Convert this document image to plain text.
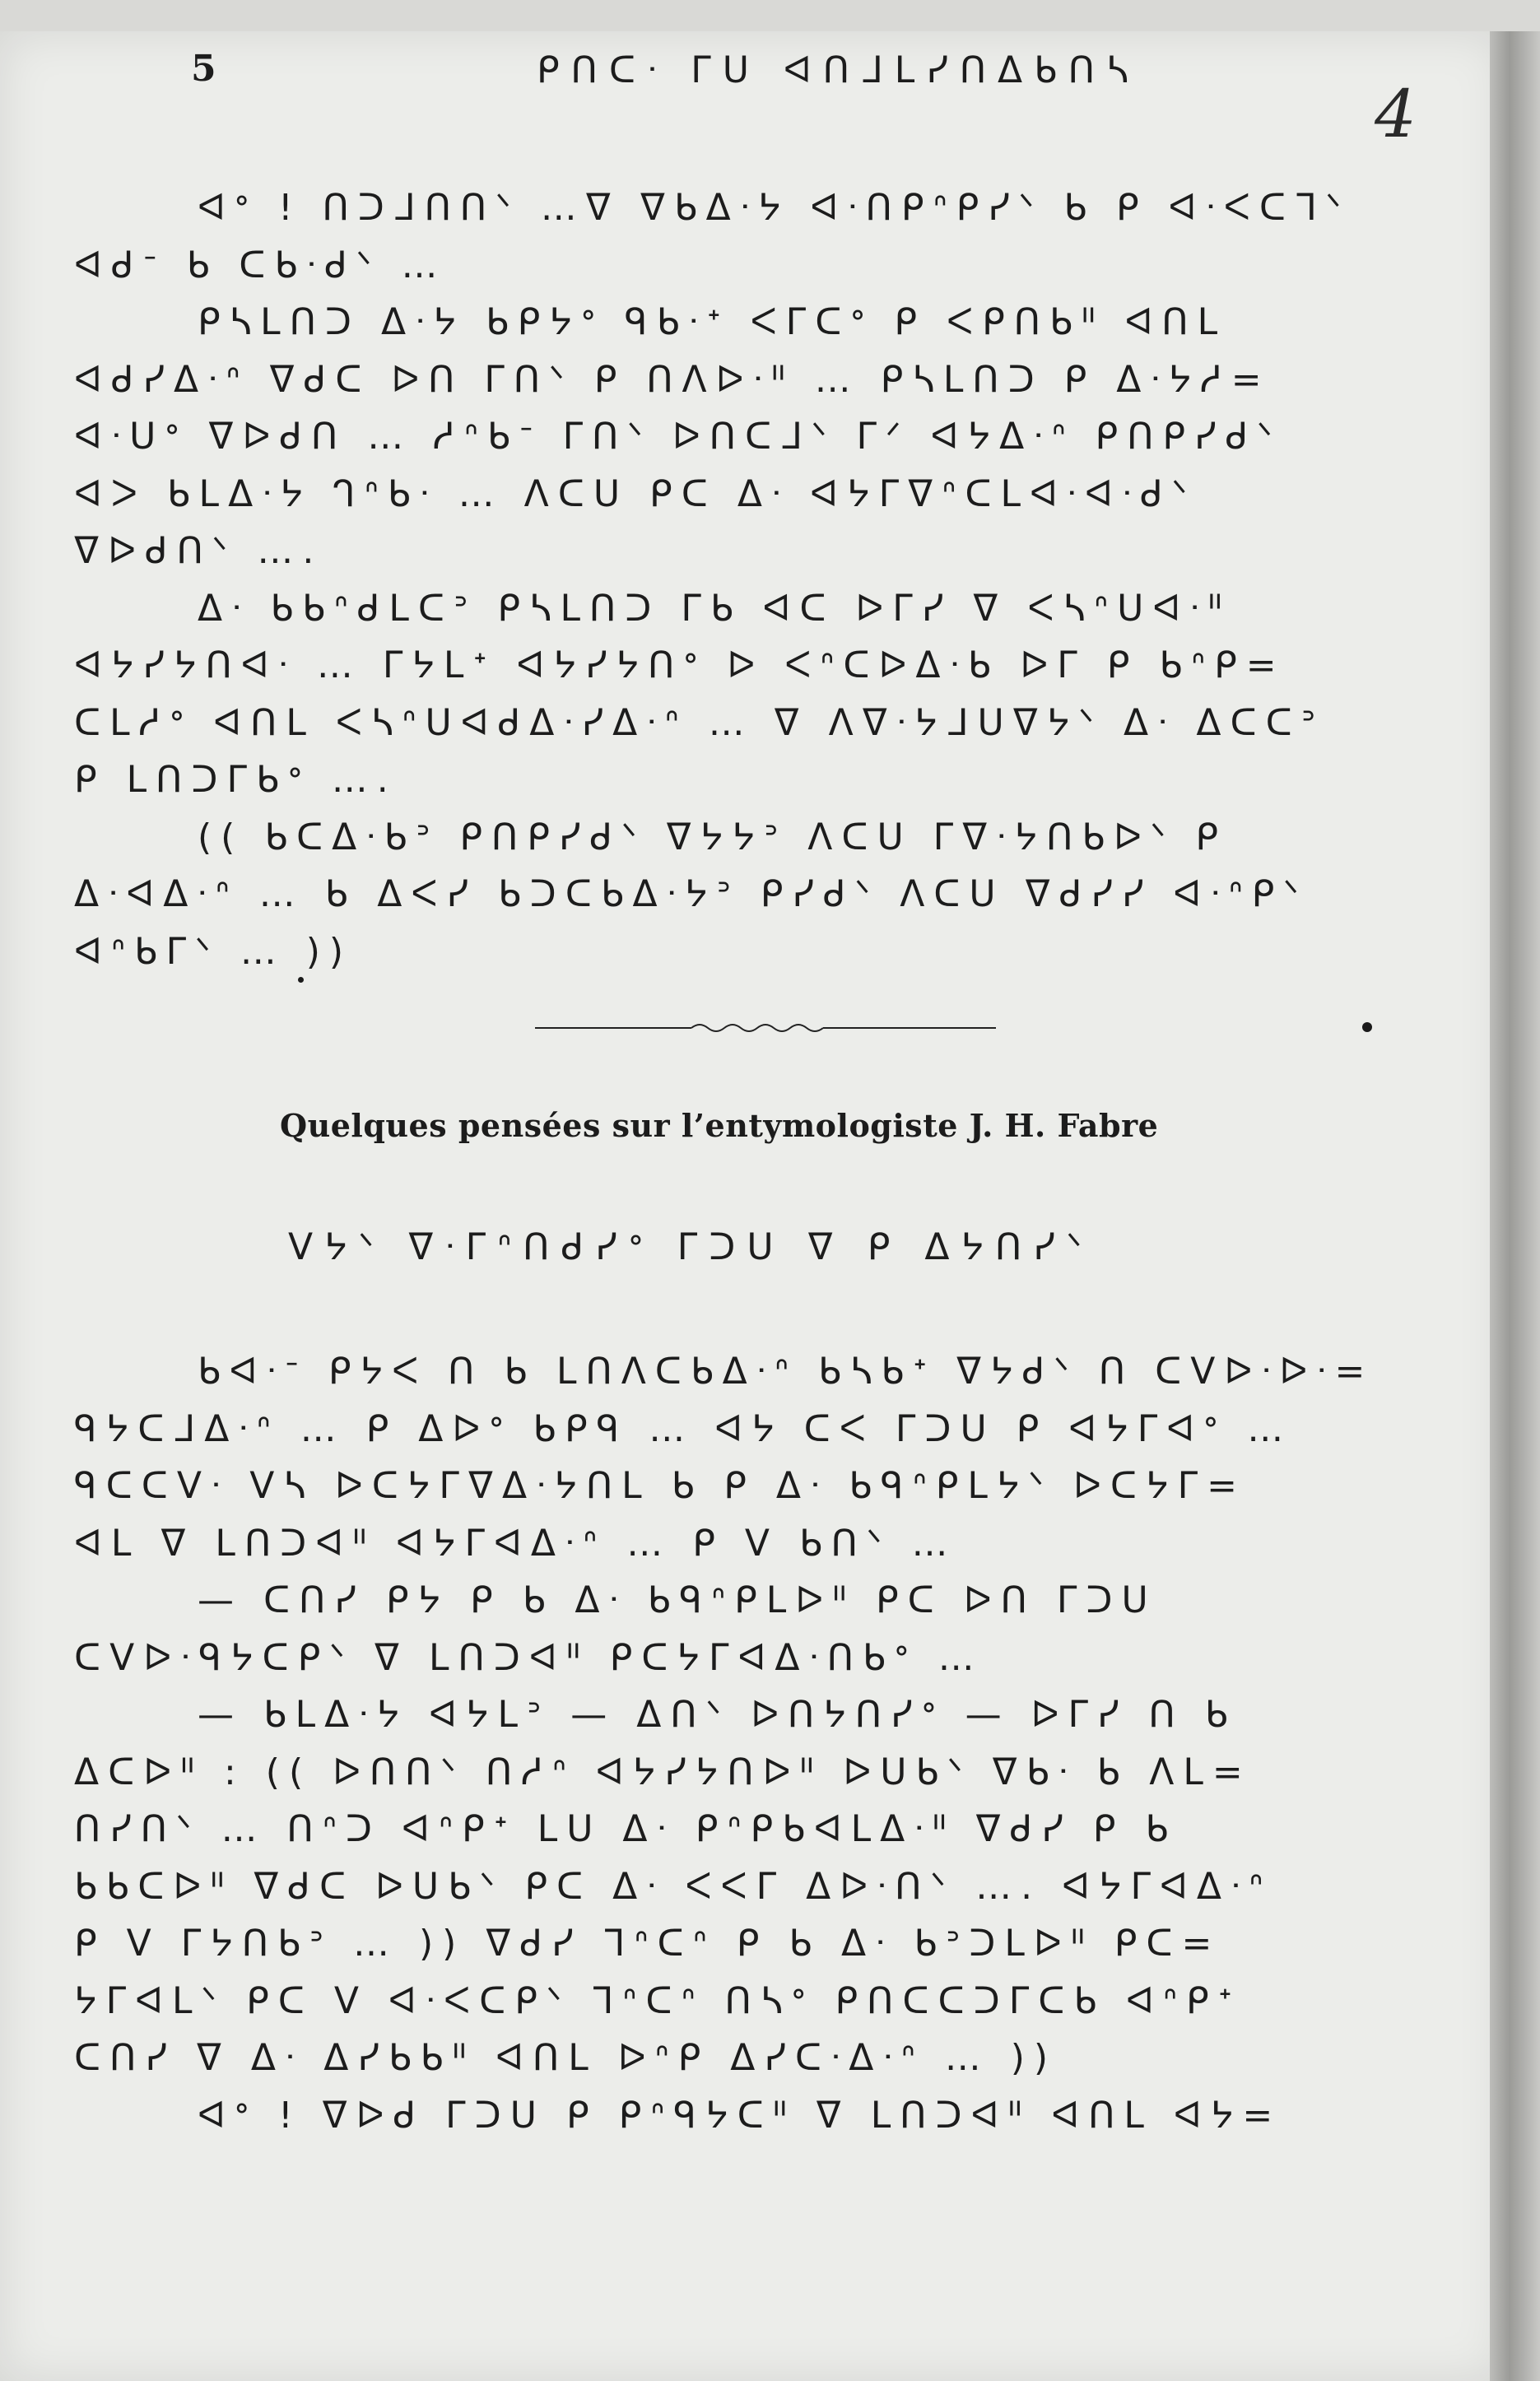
5	ᑭᑎᑕᐧ ᒥᑌ ᐊᑎᒧᒪᓯᑎᐃᑲᑎᓴ
4
ᐊᐤ ! ᑎᑐᒧᑎᑎᐠ …ᐁ ᐁᑲᐃᐧᔭ ᐊᐧᑎᑭᐢᑭᓯᐠ ᑲ ᑭ ᐊᐧᐸᑕᒣᐠ
ᐊᑯᐨ ᑲ ᑕᑲᐧᑯᐠ …
ᑭᓴᒪᑎᑐ ᐃᐧᔭ ᑲᑭᔭᐤ ᑫᑲᐧᐩ ᐸᒥᑕᐤ ᑭ ᐸᑭᑎᑲᐦ ᐊᑎᒪ
ᐊᑯᓯᐃᐧᐢ ᐁᑯᑕ ᐅᑎ ᒥᑎᐠ ᑭ ᑎᐱᐅᐧᐦ … ᑭᓴᒪᑎᑐ ᑭ ᐃᐧᔭᓱ=
ᐊᐧᑌᐤ ᐁᐅᑯᑎ … ᓱᐢᑲᐨ ᒥᑎᐠ ᐅᑎᑕᒧᐠ ᒥᐟ ᐊᔭᐃᐧᐢ ᑭᑎᑭᓯᑯᐠ
ᐊᐳ ᑲᒪᐃᐧᔭ ᒉᐢᑲᐧ … ᐱᑕᑌ ᑭᑕ ᐃᐧ ᐊᔭᒥᐁᐢᑕᒪᐊᐧᐊᐧᑯᐠ
ᐁᐅᑯᑎᐠ ….
ᐃᐧ ᑲᑲᐢᑯᒪᑕᐣ ᑭᓴᒪᑎᑐ ᒥᑲ ᐊᑕ ᐅᒥᓯ ᐁ ᐸᓴᐢᑌᐊᐧᐦ
ᐊᔭᓯᔭᑎᐊᐧ … ᒥᔭᒪᐩ ᐊᔭᓯᔭᑎᐤ ᐅ ᐸᐢᑕᐅᐃᐧᑲ ᐅᒥ ᑭ ᑲᐢᑭ=
ᑕᒪᓱᐤ ᐊᑎᒪ ᐸᓴᐢᑌᐊᑯᐃᐧᓯᐃᐧᐢ … ᐁ ᐱᐁᐧᔭᒧᑌᐁᔭᐠ ᐃᐧ ᐃᑕᑕᐣ
ᑭ ᒪᑎᑐᒥᑲᐤ ….
(( ᑲᑕᐃᐧᑲᐣ ᑭᑎᑭᓯᑯᐠ ᐁᔭᔭᐣ ᐱᑕᑌ ᒥᐁᐧᔭᑎᑲᐅᐠ ᑭ
ᐃᐧᐊᐃᐧᐢ … ᑲ ᐃᐸᓯ ᑲᑐᑕᑲᐃᐧᔭᐣ ᑭᓯᑯᐠ ᐱᑕᑌ ᐁᑯᓯᓯ ᐊᐧᐢᑭᐠ
ᐊᐢᑲᒥᐠ … ))
Quelques pensées sur l’entymologiste J. H. Fabre
ᐯᔭᐠ ᐁᐧᒥᐢᑎᑯᓯᐤ ᒥᑐᑌ ᐁ ᑭ ᐃᔭᑎᓯᐠ
ᑲᐊᐧᐨ ᑭᔭᐸ ᑎ ᑲ ᒪᑎᐱᑕᑲᐃᐧᐢ ᑲᓴᑲᐩ ᐁᔭᑯᐠ ᑎ ᑕᐯᐅᐧᐅᐧ=
ᑫᔭᑕᒧᐃᐧᐢ … ᑭ ᐃᐅᐤ ᑲᑭᑫ … ᐊᔭ ᑕᐸ ᒥᑐᑌ ᑭ ᐊᔭᒥᐊᐤ …
ᑫᑕᑕᐯᐧ ᐯᓴ ᐅᑕᔭᒥᐁᐃᐧᔭᑎᒪ ᑲ ᑭ ᐃᐧ ᑲᑫᐢᑭᒪᔭᐠ ᐅᑕᔭᒥ=
ᐊᒪ ᐁ ᒪᑎᑐᐊᐦ ᐊᔭᒥᐊᐃᐧᐢ … ᑭ ᐯ ᑲᑎᐠ …
— ᑕᑎᓯ ᑭᔭ ᑭ ᑲ ᐃᐧ ᑲᑫᐢᑭᒪᐅᐦ ᑭᑕ ᐅᑎ ᒥᑐᑌ
ᑕᐯᐅᐧᑫᔭᑕᑭᐠ ᐁ ᒪᑎᑐᐊᐦ ᑭᑕᔭᒥᐊᐃᐧᑎᑲᐤ …
— ᑲᒪᐃᐧᔭ ᐊᔭᒪᐣ — ᐃᑎᐠ ᐅᑎᔭᑎᓯᐤ — ᐅᒥᓯ ᑎ ᑲ
ᐃᑕᐅᐦ : (( ᐅᑎᑎᐠ ᑎᓱᐢ ᐊᔭᓯᔭᑎᐅᐦ ᐅᑌᑲᐠ ᐁᑲᐧ ᑲ ᐱᒪ=
ᑎᓯᑎᐠ … ᑎᐢᑐ ᐊᐢᑭᐩ ᒪᑌ ᐃᐧ ᑭᐢᑭᑲᐊᒪᐃᐧᐦ ᐁᑯᓯ ᑭ ᑲ
ᑲᑲᑕᐅᐦ ᐁᑯᑕ ᐅᑌᑲᐠ ᑭᑕ ᐃᐧ ᐸᐸᒥ ᐃᐅᐧᑎᐠ …. ᐊᔭᒥᐊᐃᐧᐢ
ᑭ ᐯ ᒥᔭᑎᑲᐣ … )) ᐁᑯᓯ ᒣᐢᑕᐢ ᑭ ᑲ ᐃᐧ ᑲᐣᑐᒪᐅᐦ ᑭᑕ=
ᔭᒥᐊᒪᐠ ᑭᑕ ᐯ ᐊᐧᐸᑕᑭᐠ ᒣᐢᑕᐢ ᑎᓴᐤ ᑭᑎᑕᑕᑐᒥᑕᑲ ᐊᐢᑭᐩ
ᑕᑎᓯ ᐁ ᐃᐧ ᐃᓯᑲᑲᐦ ᐊᑎᒪ ᐅᐢᑭ ᐃᓯᑕᐧᐃᐧᐢ … ))
ᐊᐤ ! ᐁᐅᑯ ᒥᑐᑌ ᑭ ᑭᐢᑫᔭᑕᐦ ᐁ ᒪᑎᑐᐊᐦ ᐊᑎᒪ ᐊᔭ=
